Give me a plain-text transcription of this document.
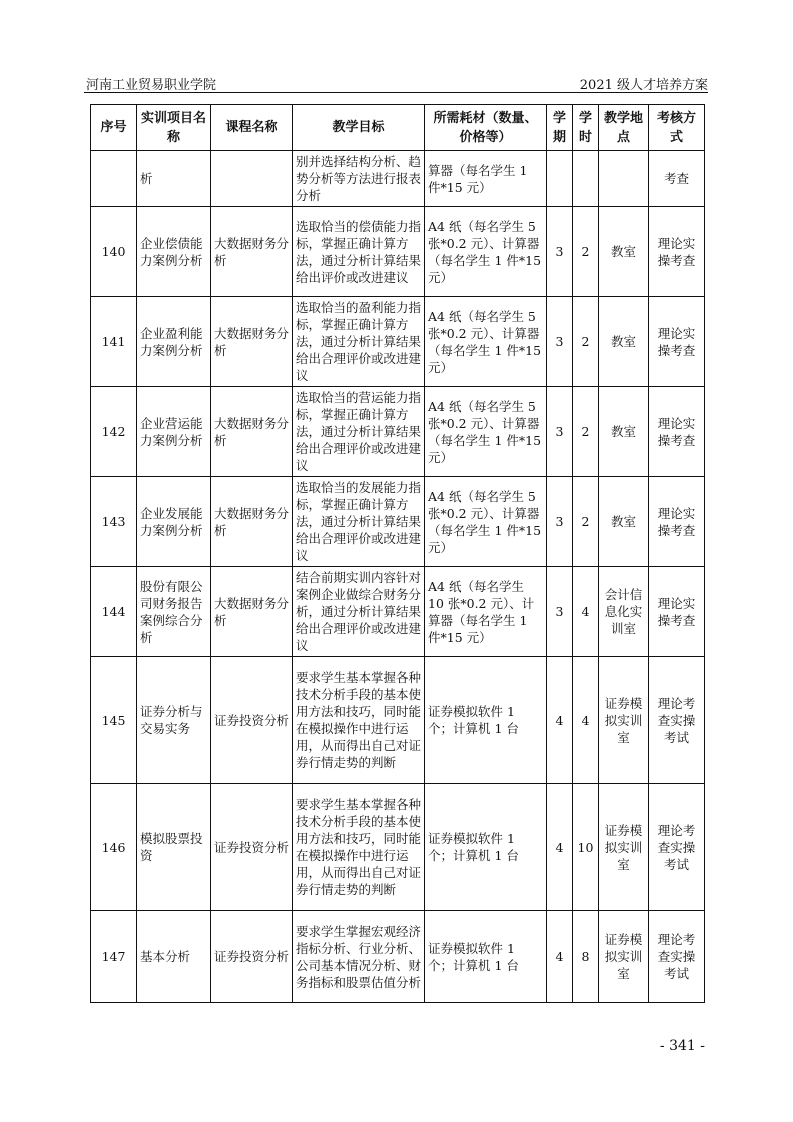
河南工业贸易职业学院	2021 级人才培养方案
序号	实训项目名称	课程名称	教学目标	所需耗材（数量、价格等）	学期	学时	教学地点	考核方式
	析		别并选择结构分析、趋势分析等方法进行报表分析	算器（每名学生 1 件*15 元）				考查
140	企业偿债能力案例分析	大数据财务分析	选取恰当的偿债能力指标，掌握正确计算方法，通过分析计算结果给出评价或改进建议	A4 纸（每名学生 5 张*0.2 元）、计算器（每名学生 1 件*15 元）	3	2	教室	理论实操考查
141	企业盈利能力案例分析	大数据财务分析	选取恰当的盈利能力指标，掌握正确计算方法，通过分析计算结果给出合理评价或改进建议	A4 纸（每名学生 5 张*0.2 元）、计算器（每名学生 1 件*15 元）	3	2	教室	理论实操考查
142	企业营运能力案例分析	大数据财务分析	选取恰当的营运能力指标，掌握正确计算方法，通过分析计算结果给出合理评价或改进建议	A4 纸（每名学生 5 张*0.2 元）、计算器（每名学生 1 件*15 元）	3	2	教室	理论实操考查
143	企业发展能力案例分析	大数据财务分析	选取恰当的发展能力指标，掌握正确计算方法，通过分析计算结果给出合理评价或改进建议	A4 纸（每名学生 5 张*0.2 元）、计算器（每名学生 1 件*15 元）	3	2	教室	理论实操考查
144	股份有限公司财务报告案例综合分析	大数据财务分析	结合前期实训内容针对案例企业做综合财务分析，通过分析计算结果给出合理评价或改进建议	A4 纸（每名学生 10 张*0.2 元）、计算器（每名学生 1 件*15 元）	3	4	会计信息化实训室	理论实操考查
145	证券分析与交易实务	证券投资分析	要求学生基本掌握各种技术分析手段的基本使用方法和技巧，同时能在模拟操作中进行运用，从而得出自己对证券行情走势的判断	证券模拟软件 1 个；计算机 1 台	4	4	证券模拟实训室	理论考查实操考试
146	模拟股票投资	证券投资分析	要求学生基本掌握各种技术分析手段的基本使用方法和技巧，同时能在模拟操作中进行运用，从而得出自己对证券行情走势的判断	证券模拟软件 1 个；计算机 1 台	4	10	证券模拟实训室	理论考查实操考试
147	基本分析	证券投资分析	要求学生掌握宏观经济指标分析、行业分析、公司基本情况分析、财务指标和股票估值分析	证券模拟软件 1 个；计算机 1 台	4	8	证券模拟实训室	理论考查实操考试
- 341 -
